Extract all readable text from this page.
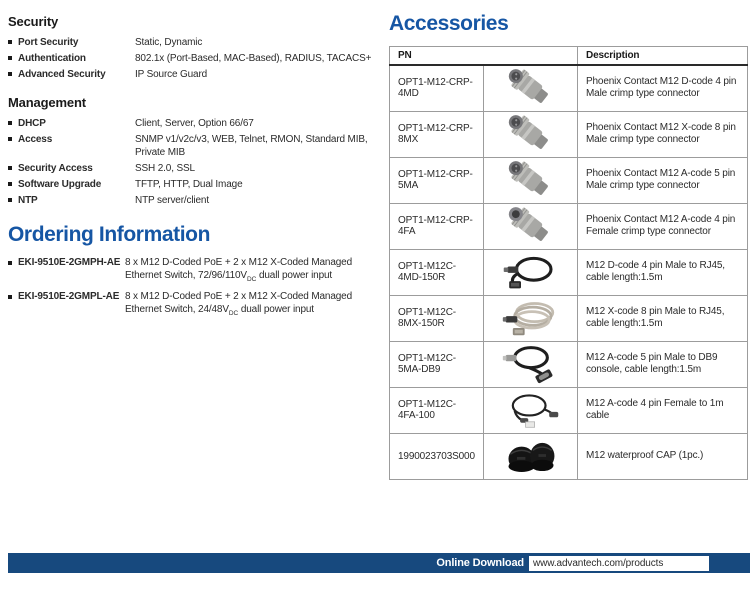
Security
Port Security	Static, Dynamic
Authentication	802.1x (Port-Based, MAC-Based), RADIUS, TACACS+
Advanced Security	IP Source Guard
Management
DHCP	Client, Server, Option 66/67
Access	SNMP v1/v2c/v3, WEB, Telnet, RMON, Standard MIB, Private MIB
Security Access	SSH 2.0, SSL
Software Upgrade	TFTP, HTTP, Dual Image
NTP	NTP server/client
Ordering Information
EKI-9510E-2GMPH-AE 8 x M12 D-Coded PoE + 2 x M12 X-Coded Managed
Ethernet Switch, $72/96/110V_{DC}$ duall power input
EKI-9510E-2GMPL-AE 8 x M12 D-Coded PoE + 2 x M12 X-Coded Managed
Ethernet Switch, $24/48V_{DC}$ duall power input
Accessories
PN		Description
OPT1-M12-CRP-4MD		Phoenix Contact M12 D-code 4 pin Male crimp type connector
OPT1-M12-CRP-8MX		Phoenix Contact M12 X-code 8 pin Male crimp type connector
OPT1-M12-CRP-5MA		Phoenix Contact M12 A-code 5 pin Male crimp type connector
OPT1-M12-CRP-4FA		Phoenix Contact M12 A-code 4 pin Female crimp type connector
OPT1-M12C-4MD-150R		M12 D-code 4 pin Male to RJ45, cable length:1.5m
OPT1-M12C-8MX-150R		M12 X-code 8 pin Male to RJ45, cable length:1.5m
OPT1-M12C-5MA-DB9		M12 A-code 5 pin Male to DB9 console, cable length:1.5m
OPT1-M12C-4FA-100		M12 A-code 4 pin Female to 1m cable
1990023703S000		M12 waterproof CAP (1pc.)
Online Download www.advantech.com/products
